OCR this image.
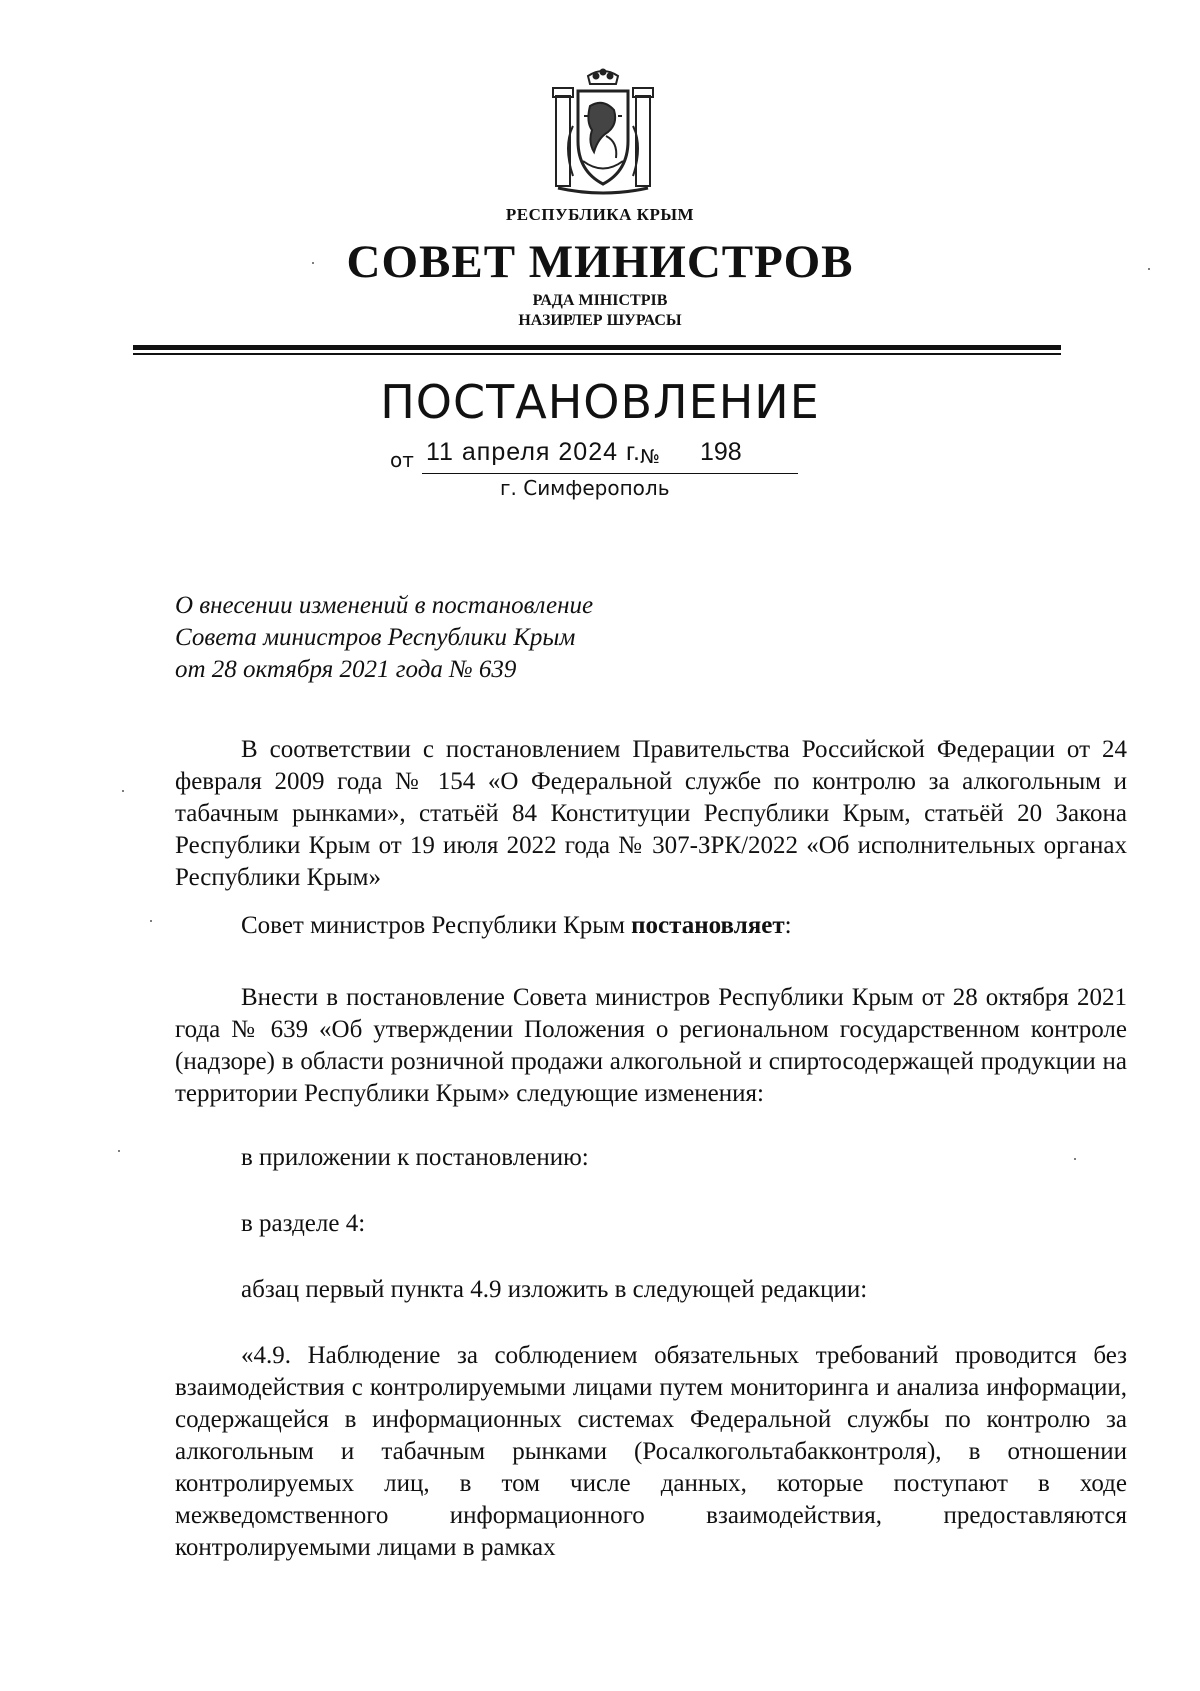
РЕСПУБЛИКА КРЫМ
СОВЕТ МИНИСТРОВ
РАДА МІНІСТРІВ
НАЗИРЛЕР ШУРАСЫ
ПОСТАНОВЛЕНИЕ
от 11 апреля 2024 г. № 198
г. Симферополь
О внесении изменений в постановление
Совета министров Республики Крым
от 28 октября 2021 года № 639

В соответствии с постановлением Правительства Российской Федерации от 24 февраля 2009 года № 154 «О Федеральной службе по контролю за алкогольным и табачным рынками», статьёй 84 Конституции Республики Крым, статьёй 20 Закона Республики Крым от 19 июля 2022 года № 307-ЗРК/2022 «Об исполнительных органах Республики Крым»

Совет министров Республики Крым постановляет:

Внести в постановление Совета министров Республики Крым от 28 октября 2021 года № 639 «Об утверждении Положения о региональном государственном контроле (надзоре) в области розничной продажи алкогольной и спиртосодержащей продукции на территории Республики Крым» следующие изменения:

в приложении к постановлению:

в разделе 4:

абзац первый пункта 4.9 изложить в следующей редакции:

«4.9. Наблюдение за соблюдением обязательных требований проводится без взаимодействия с контролируемыми лицами путем мониторинга и анализа информации, содержащейся в информационных системах Федеральной службы по контролю за алкогольным и табачным рынками (Росалкогольтабакконтроля), в отношении контролируемых лиц, в том числе данных, которые поступают в ходе межведомственного информационного взаимодействия, предоставляются контролируемыми лицами в рамках
